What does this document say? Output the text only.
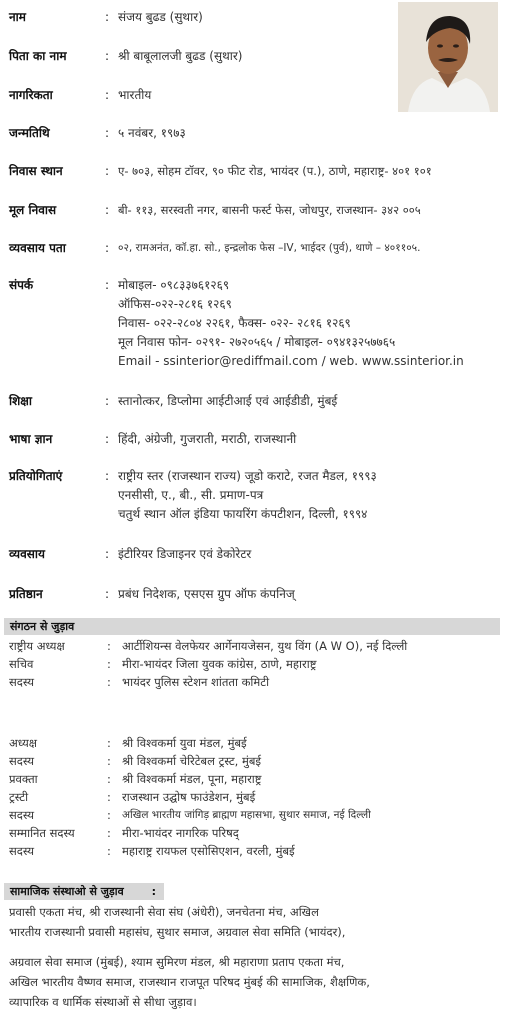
नाम	: संजय बुढड (सुथार)
पिता का नाम	: श्री बाबूलालजी बुढड (सुथार)
नागरिकता	: भारतीय
जन्मतिथि	: ५ नवंबर, १९७३
निवास स्थान	: ए- ७०३, सोहम टॉवर, ९० फीट रोड, भायंदर (प.), ठाणे, महाराष्ट्र- ४०१ १०१
मूल निवास	: बी- ११३, सरस्वती नगर, बासनी फर्स्ट फेस, जोधपुर, राजस्थान- ३४२ ००५
व्यवसाय पता	: ०२, रामअनंत, कॉ.हा. सो., इन्द्रलोक फेस –IV, भाईदर (पुर्व), थाणे – ४०११०५.
संपर्क	: मोबाइल- ०९८३३७६१२६९
ऑफिस-०२२-२८१६ १२६९
निवास- ०२२-२८०४ २२६१, फैक्स- ०२२- २८१६ १२६९
मूल निवास फोन- ०२९१- २७२०५६५ / मोबाइल- ०९४१३२५७७६५
Email - ssinterior@rediffmail.com / web. www.ssinterior.in
शिक्षा	: स्तानोत्कर, डिप्लोमा आईटीआई एवं आईडीडी, मुंबई
भाषा ज्ञान	: हिंदी, अंग्रेजी, गुजराती, मराठी, राजस्थानी
प्रतियोगिताएं	: राष्ट्रीय स्तर (राजस्थान राज्य) जूडो कराटे, रजत मैडल, १९९३
एनसीसी, ए., बी., सी. प्रमाण-पत्र
चतुर्थ स्थान ऑल इंडिया फायरिंग कंपटीशन, दिल्ली, १९९४
व्यवसाय	: इंटीरियर डिजाइनर एवं डेकोरेटर
प्रतिष्ठान	: प्रबंध निदेशक, एसएस ग्रुप ऑफ कंपनिज्
संगठन से जुड़ाव
राष्ट्रीय अध्यक्ष	: आर्टीशियन्स वेलफेयर आर्गेनायजेसन, युथ विंग (A W O), नई दिल्ली
सचिव	: मीरा-भायंदर जिला युवक कांग्रेस, ठाणे, महाराष्ट्र
सदस्य	: भायंदर पुलिस स्टेशन शांतता कमिटी
अध्यक्ष	: श्री विश्वकर्मा युवा मंडल, मुंबई
सदस्य	: श्री विश्वकर्मा चेरिटेबल ट्रस्ट, मुंबई
प्रवक्ता	: श्री विश्वकर्मा मंडल, पूना, महाराष्ट्र
ट्रस्टी	: राजस्थान उद्घोष फाउंडेशन, मुंबई
सदस्य	: अखिल भारतीय जांगिड़ ब्राह्मण महासभा, सुथार समाज, नई दिल्ली
सम्मानित सदस्य	: मीरा-भायंदर नागरिक परिषद्
सदस्य	: महाराष्ट्र रायफल एसोसिएशन, वरली, मुंबई
सामाजिक संस्थाओ से जुड़ाव	:
प्रवासी एकता मंच, श्री राजस्थानी सेवा संघ (अंधेरी), जनचेतना मंच, अखिल
भारतीय राजस्थानी प्रवासी महासंघ, सुथार समाज, अग्रवाल सेवा समिति (भायंदर),
अग्रवाल सेवा समाज (मुंबई), श्याम सुमिरण मंडल, श्री महाराणा प्रताप एकता मंच,
अखिल भारतीय वैष्णव समाज, राजस्थान राजपूत परिषद मुंबई की सामाजिक, शैक्षणिक,
व्यापारिक व धार्मिक संस्थाओं से सीधा जुड़ाव।
